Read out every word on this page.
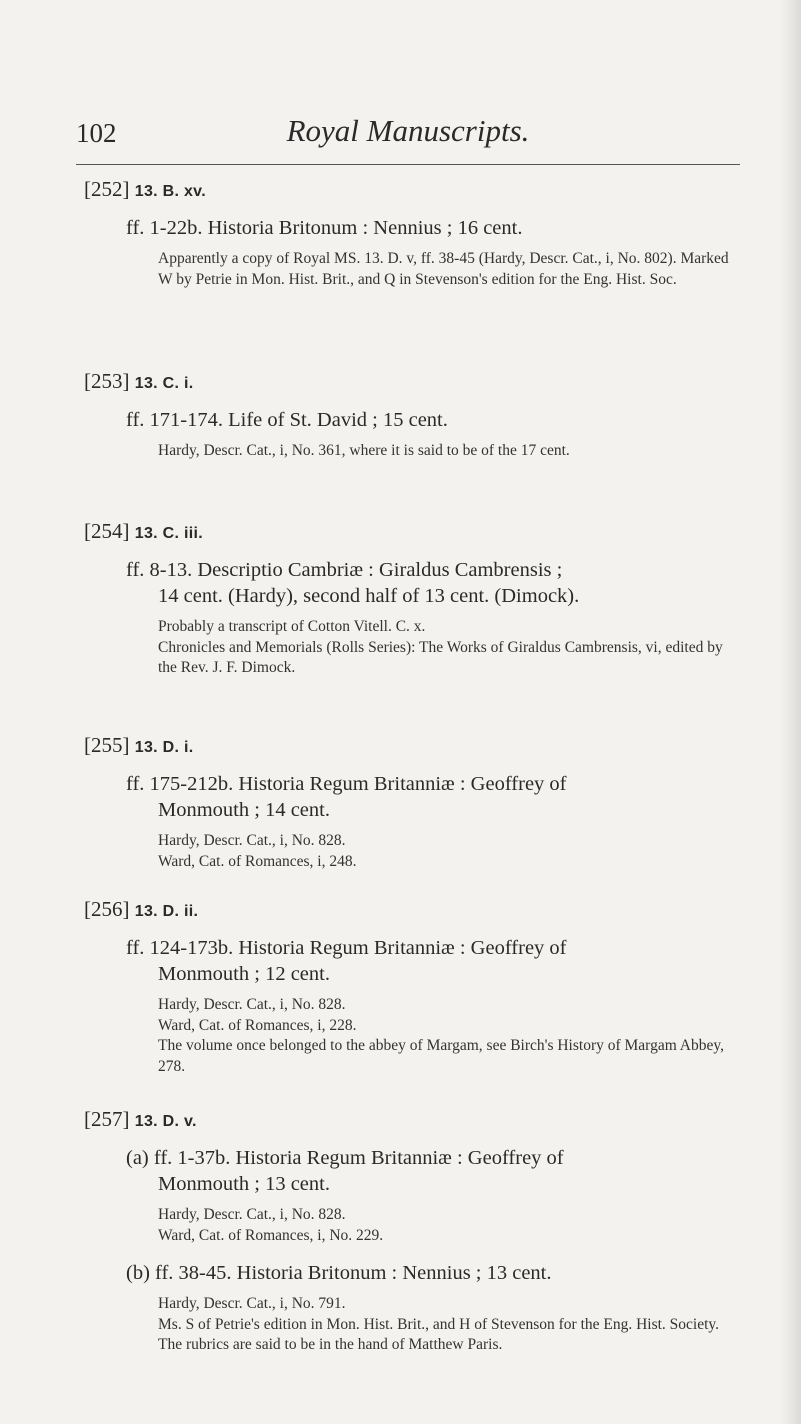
102	Royal Manuscripts.
[252] 13. B. xv.
ff. 1-22b. Historia Britonum : Nennius ; 16 cent.

Apparently a copy of Royal MS. 13. D. v, ff. 38-45 (Hardy, Descr. Cat., i, No. 802). Marked W by Petrie in Mon. Hist. Brit., and Q in Stevenson's edition for the Eng. Hist. Soc.

[253] 13. C. i.
ff. 171-174. Life of St. David ; 15 cent.

Hardy, Descr. Cat., i, No. 361, where it is said to be of the 17 cent.

[254] 13. C. iii.
ff. 8-13. Descriptio Cambriæ : Giraldus Cambrensis ;
14 cent. (Hardy), second half of 13 cent. (Dimock).

Probably a transcript of Cotton Vitell. C. x.

Chronicles and Memorials (Rolls Series): The Works of Giraldus Cambrensis, vi, edited by the Rev. J. F. Dimock.

[255] 13. D. i.
ff. 175-212b. Historia Regum Britanniæ : Geoffrey of
Monmouth ; 14 cent.

Hardy, Descr. Cat., i, No. 828.

Ward, Cat. of Romances, i, 248.

[256] 13. D. ii.
ff. 124-173b. Historia Regum Britanniæ : Geoffrey of
Monmouth ; 12 cent.

Hardy, Descr. Cat., i, No. 828.

Ward, Cat. of Romances, i, 228.

The volume once belonged to the abbey of Margam, see Birch's History of Margam Abbey, 278.

[257] 13. D. v.
(a) ff. 1-37b. Historia Regum Britanniæ : Geoffrey of
Monmouth ; 13 cent.

Hardy, Descr. Cat., i, No. 828.

Ward, Cat. of Romances, i, No. 229.

(b) ff. 38-45. Historia Britonum : Nennius ; 13 cent.

Hardy, Descr. Cat., i, No. 791.

Ms. S of Petrie's edition in Mon. Hist. Brit., and H of Stevenson for the Eng. Hist. Society.

The rubrics are said to be in the hand of Matthew Paris.
